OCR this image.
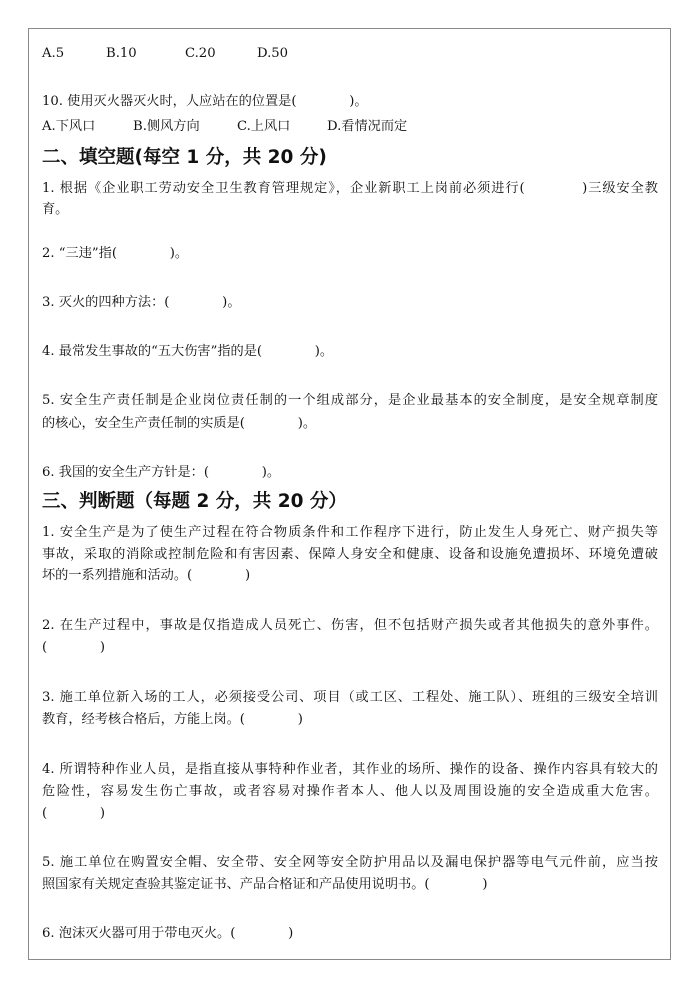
A.5	B.10	C.20	D.50
10. 使用灭火器灭火时，人应站在的位置是(　　　　)。
A.下风口	B.侧风方向	C.上风口	D.看情况而定
二、填空题(每空 1 分，共 20 分)
1. 根据《企业职工劳动安全卫生教育管理规定》，企业新职工上岗前必须进行(　　　　)三级安全教
育。
2. “三违”指(　　　　)。
3. 灭火的四种方法：(　　　　)。
4. 最常发生事故的“五大伤害”指的是(　　　　)。
5. 安全生产责任制是企业岗位责任制的一个组成部分，是企业最基本的安全制度，是安全规章制度
的核心，安全生产责任制的实质是(　　　　)。
6. 我国的安全生产方针是：(　　　　)。
三、判断题（每题 2 分，共 20 分）
1. 安全生产是为了使生产过程在符合物质条件和工作程序下进行，防止发生人身死亡、财产损失等
事故，采取的消除或控制危险和有害因素、保障人身安全和健康、设备和设施免遭损坏、环境免遭破
坏的一系列措施和活动。(　　　　)
2. 在生产过程中，事故是仅指造成人员死亡、伤害，但不包括财产损失或者其他损失的意外事件。
(　　　　)
3. 施工单位新入场的工人，必须接受公司、项目（或工区、工程处、施工队）、班组的三级安全培训
教育，经考核合格后，方能上岗。(　　　　)
4. 所谓特种作业人员，是指直接从事特种作业者，其作业的场所、操作的设备、操作内容具有较大的
危险性，容易发生伤亡事故，或者容易对操作者本人、他人以及周围设施的安全造成重大危害。
(　　　　)
5. 施工单位在购置安全帽、安全带、安全网等安全防护用品以及漏电保护器等电气元件前，应当按
照国家有关规定查验其鉴定证书、产品合格证和产品使用说明书。(　　　　)
6. 泡沫灭火器可用于带电灭火。(　　　　)
